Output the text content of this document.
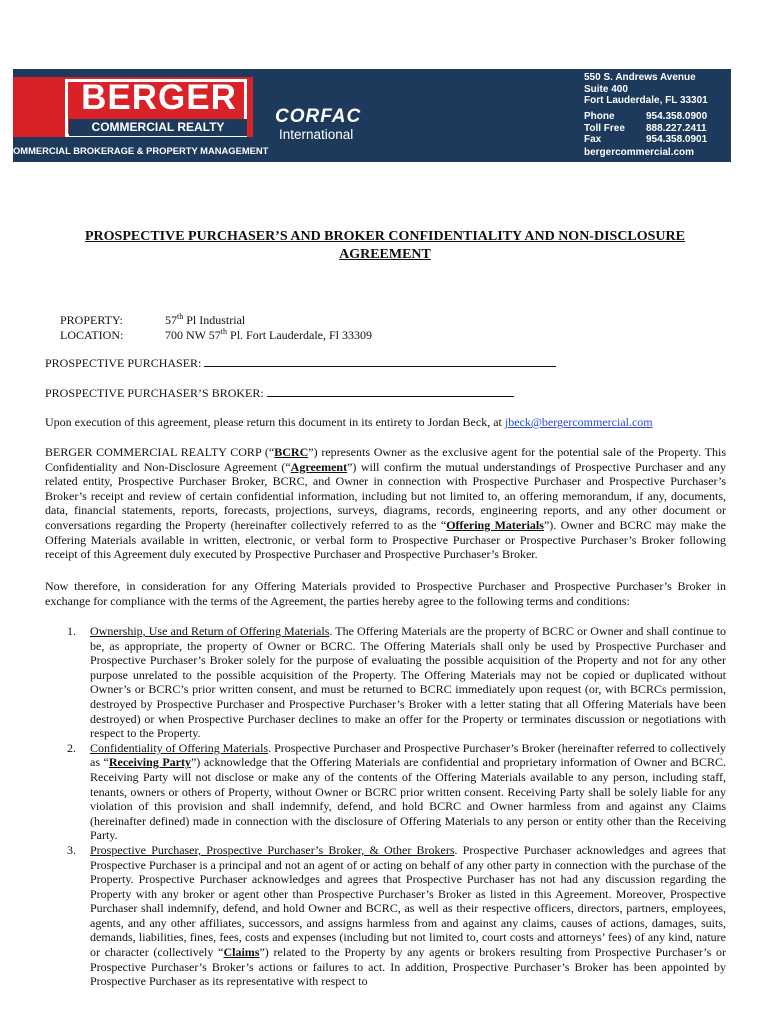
BERGER
COMMERCIAL REALTY
OMMERCIAL BROKERAGE & PROPERTY MANAGEMENT
CORFAC
International
550 S. Andrews Avenue
Suite 400
Fort Lauderdale, FL 33301
Phone	954.358.0900
Toll Free	888.227.2411
Fax	954.358.0901
bergercommercial.com
PROSPECTIVE PURCHASER’S AND BROKER CONFIDENTIALITY AND NON-DISCLOSURE
AGREEMENT
PROPERTY:	57th Pl Industrial
LOCATION:	700 NW 57th Pl. Fort Lauderdale, Fl 33309
PROSPECTIVE PURCHASER:
PROSPECTIVE PURCHASER’S BROKER:
Upon execution of this agreement, please return this document in its entirety to Jordan Beck, at jbeck@bergercommercial.com
BERGER COMMERCIAL REALTY CORP (“BCRC”) represents Owner as the exclusive agent for the potential sale of the Property. This Confidentiality and Non-Disclosure Agreement (“Agreement”) will confirm the mutual understandings of Prospective Purchaser and any related entity, Prospective Purchaser Broker, BCRC, and Owner in connection with Prospective Purchaser and Prospective Purchaser’s Broker’s receipt and review of certain confidential information, including but not limited to, an offering memorandum, if any, documents, data, financial statements, reports, forecasts, projections, surveys, diagrams, records, engineering reports, and any other document or conversations regarding the Property (hereinafter collectively referred to as the “Offering Materials”). Owner and BCRC may make the Offering Materials available in written, electronic, or verbal form to Prospective Purchaser or Prospective Purchaser’s Broker following receipt of this Agreement duly executed by Prospective Purchaser and Prospective Purchaser’s Broker.
Now therefore, in consideration for any Offering Materials provided to Prospective Purchaser and Prospective Purchaser’s Broker in exchange for compliance with the terms of the Agreement, the parties hereby agree to the following terms and conditions:
1. Ownership, Use and Return of Offering Materials. The Offering Materials are the property of BCRC or Owner and shall continue to be, as appropriate, the property of Owner or BCRC. The Offering Materials shall only be used by Prospective Purchaser and Prospective Purchaser’s Broker solely for the purpose of evaluating the possible acquisition of the Property and not for any other purpose unrelated to the possible acquisition of the Property. The Offering Materials may not be copied or duplicated without Owner’s or BCRC’s prior written consent, and must be returned to BCRC immediately upon request (or, with BCRCs permission, destroyed by Prospective Purchaser and Prospective Purchaser’s Broker with a letter stating that all Offering Materials have been destroyed) or when Prospective Purchaser declines to make an offer for the Property or terminates discussion or negotiations with respect to the Property.
2. Confidentiality of Offering Materials. Prospective Purchaser and Prospective Purchaser’s Broker (hereinafter referred to collectively as “Receiving Party”) acknowledge that the Offering Materials are confidential and proprietary information of Owner and BCRC. Receiving Party will not disclose or make any of the contents of the Offering Materials available to any person, including staff, tenants, owners or others of Property, without Owner or BCRC prior written consent. Receiving Party shall be solely liable for any violation of this provision and shall indemnify, defend, and hold BCRC and Owner harmless from and against any Claims (hereinafter defined) made in connection with the disclosure of Offering Materials to any person or entity other than the Receiving Party.
3. Prospective Purchaser, Prospective Purchaser’s Broker, & Other Brokers. Prospective Purchaser acknowledges and agrees that Prospective Purchaser is a principal and not an agent of or acting on behalf of any other party in connection with the purchase of the Property. Prospective Purchaser acknowledges and agrees that Prospective Purchaser has not had any discussion regarding the Property with any broker or agent other than Prospective Purchaser’s Broker as listed in this Agreement. Moreover, Prospective Purchaser shall indemnify, defend, and hold Owner and BCRC, as well as their respective officers, directors, partners, employees, agents, and any other affiliates, successors, and assigns harmless from and against any claims, causes of actions, damages, suits, demands, liabilities, fines, fees, costs and expenses (including but not limited to, court costs and attorneys’ fees) of any kind, nature or character (collectively “Claims”) related to the Property by any agents or brokers resulting from Prospective Purchaser’s or Prospective Purchaser’s Broker’s actions or failures to act. In addition, Prospective Purchaser’s Broker has been appointed by Prospective Purchaser as its representative with respect to
